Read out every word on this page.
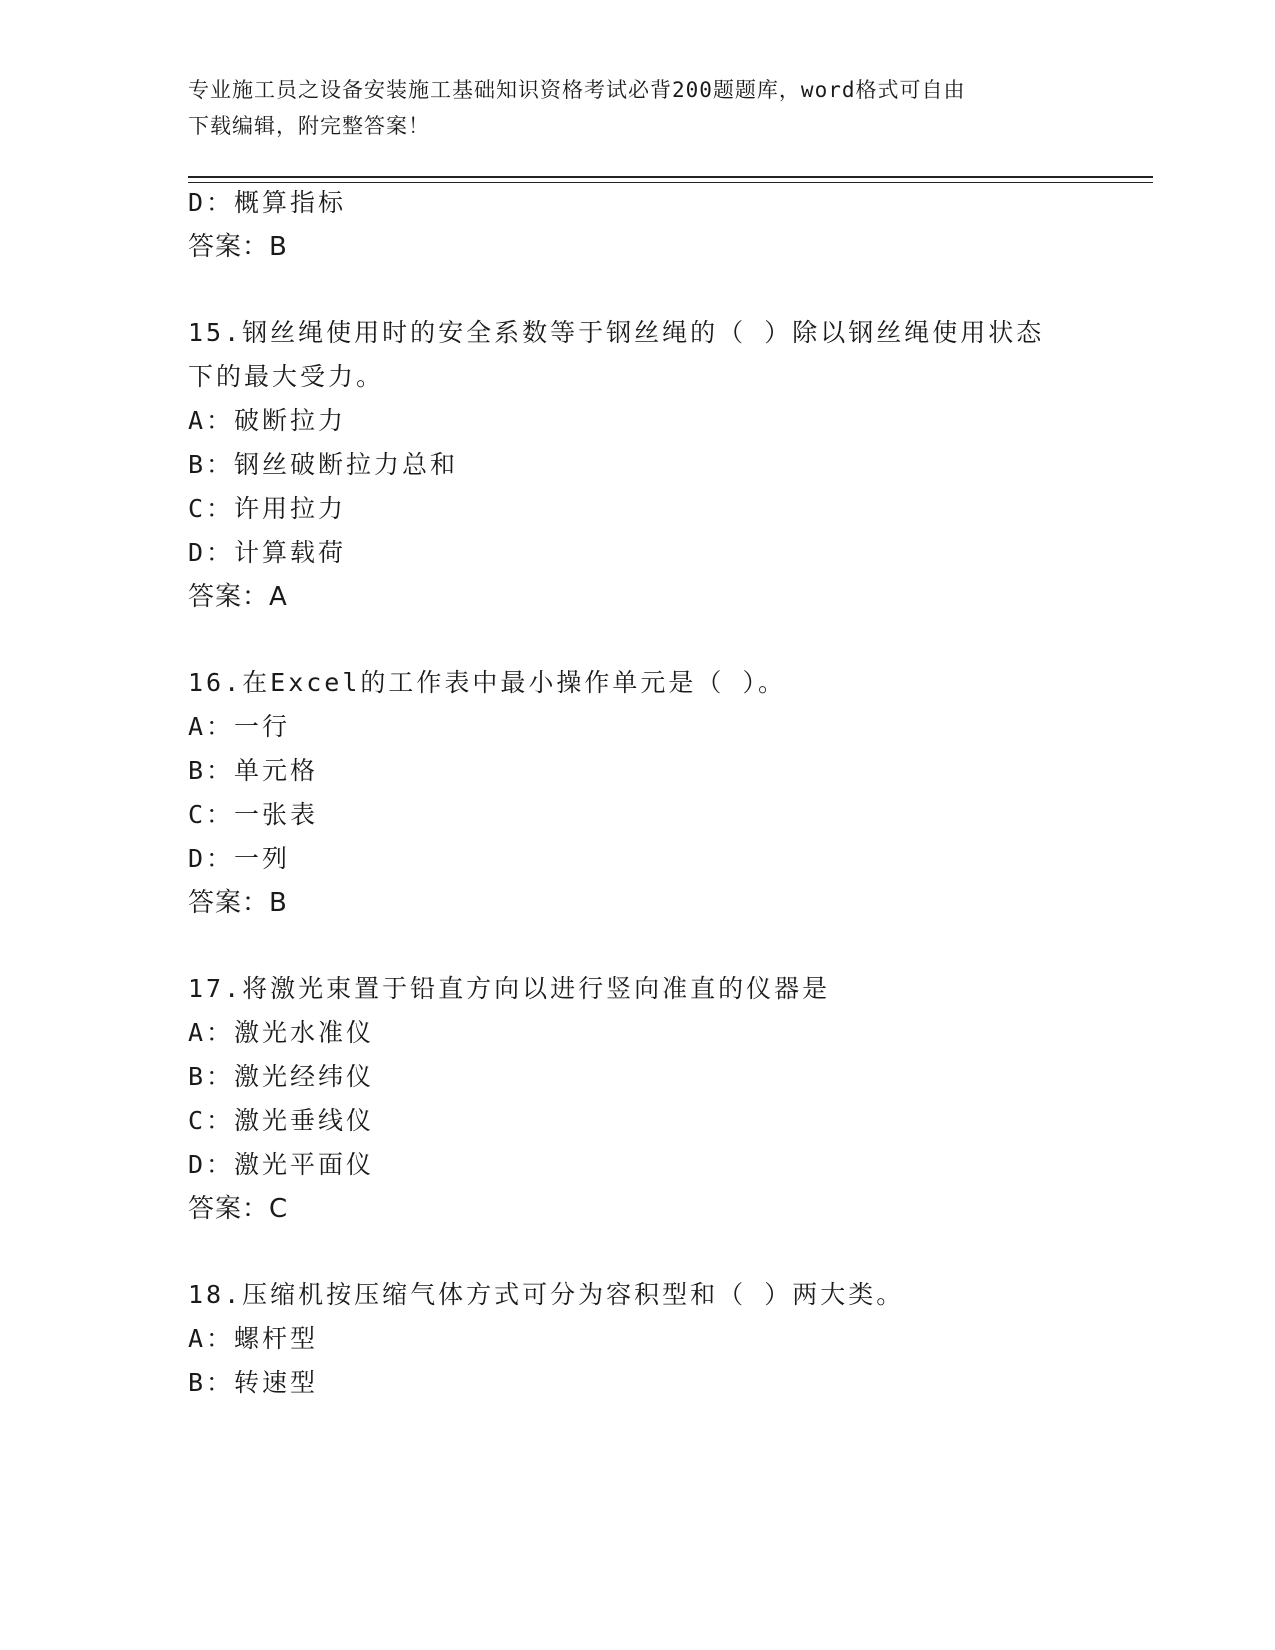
专业施工员之设备安装施工基础知识资格考试必背200题题库，word格式可自由
下载编辑，附完整答案！
D：概算指标
答案：B
15.钢丝绳使用时的安全系数等于钢丝绳的（ ）除以钢丝绳使用状态
下的最大受力。
A：破断拉力
B：钢丝破断拉力总和
C：许用拉力
D：计算载荷
答案：A
16.在Excel的工作表中最小操作单元是（ ）。
A：一行
B：单元格
C：一张表
D：一列
答案：B
17.将激光束置于铅直方向以进行竖向准直的仪器是
A：激光水准仪
B：激光经纬仪
C：激光垂线仪
D：激光平面仪
答案：C
18.压缩机按压缩气体方式可分为容积型和（ ）两大类。
A：螺杆型
B：转速型
